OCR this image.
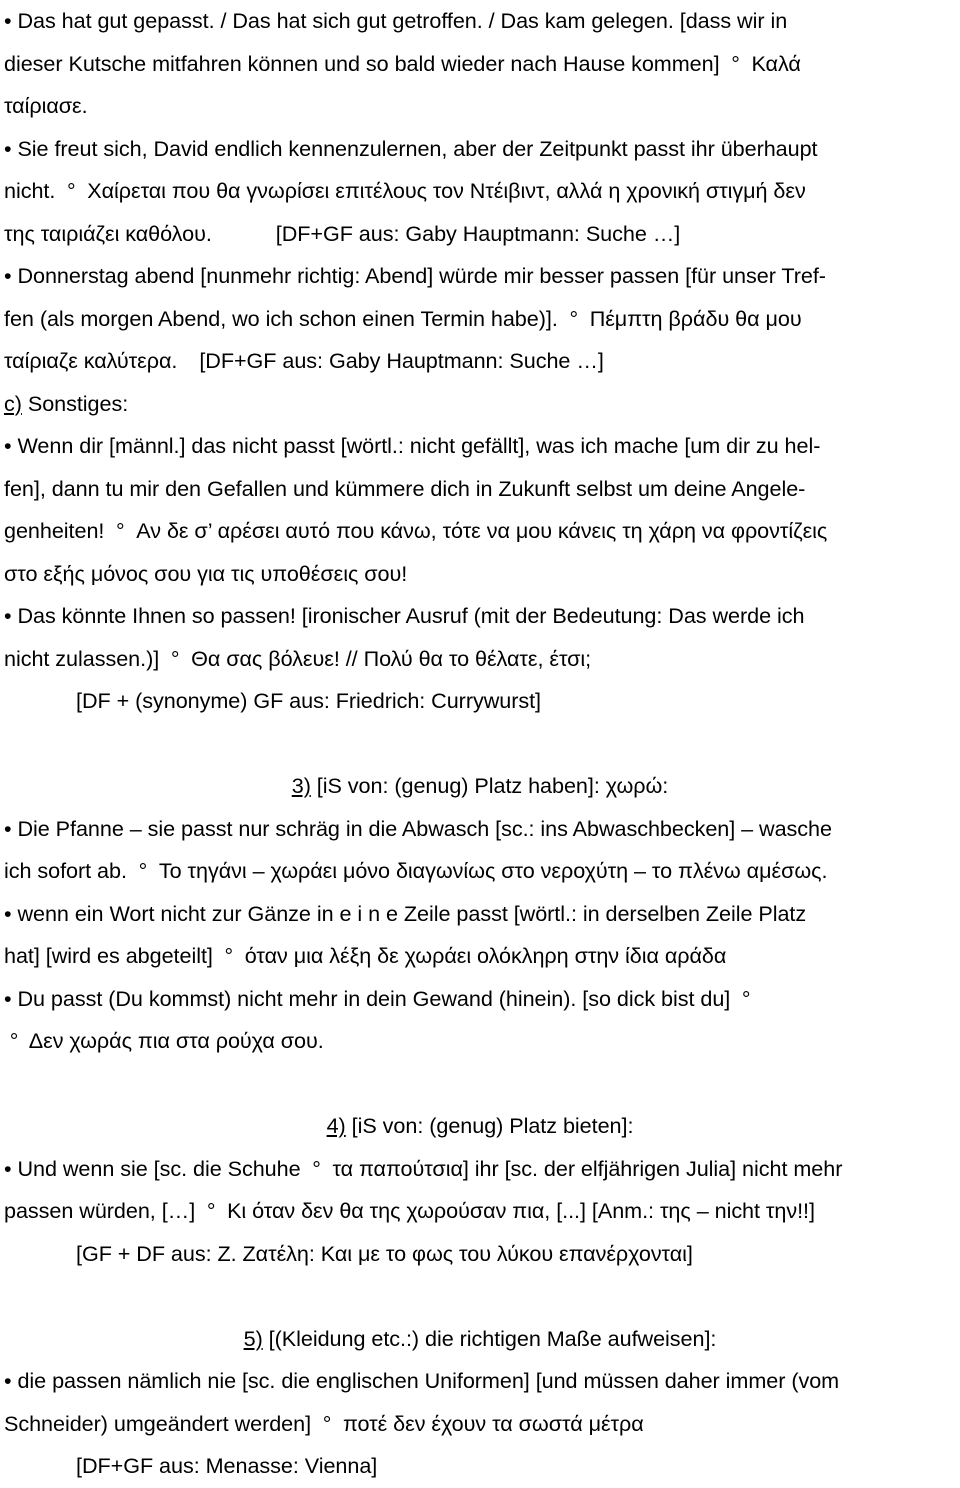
• Das hat gut gepasst. / Das hat sich gut getroffen. / Das kam gelegen. [dass wir in
dieser Kutsche mitfahren können und so bald wieder nach Hause kommen] ° Καλά
ταίριασε.
• Sie freut sich, David endlich kennenzulernen, aber der Zeitpunkt passt ihr überhaupt
nicht. ° Χαίρεται που θα γνωρίσει επιτέλους τον Ντέιβιντ, αλλά η χρονική στιγμή δεν
της ταιριάζει καθόλου.	[DF+GF aus: Gaby Hauptmann: Suche …]
• Donnerstag abend [nunmehr richtig: Abend] würde mir besser passen [für unser Tref-
fen (als morgen Abend, wo ich schon einen Termin habe)]. ° Πέμπτη βράδυ θα μου
ταίριαζε καλύτερα. [DF+GF aus: Gaby Hauptmann: Suche …]
c) Sonstiges:
• Wenn dir [männl.] das nicht passt [wörtl.: nicht gefällt], was ich mache [um dir zu hel-
fen], dann tu mir den Gefallen und kümmere dich in Zukunft selbst um deine Angele-
genheiten! ° Αν δε σ’ αρέσει αυτό που κάνω, τότε να μου κάνεις τη χάρη να φροντίζεις
στο εξής μόνος σου για τις υποθέσεις σου!
• Das könnte Ihnen so passen! [ironischer Ausruf (mit der Bedeutung: Das werde ich
nicht zulassen.)] ° Θα σας βόλευε! // Πολύ θα το θέλατε, έτσι;
[DF + (synonyme) GF aus: Friedrich: Currywurst]
3) [iS von: (genug) Platz haben]: χωρώ:
• Die Pfanne – sie passt nur schräg in die Abwasch [sc.: ins Abwaschbecken] – wasche
ich sofort ab. ° Το τηγάνι – χωράει μόνο διαγωνίως στο νεροχύτη – το πλένω αμέσως.
• wenn ein Wort nicht zur Gänze in e i n e Zeile passt [wörtl.: in derselben Zeile Platz
hat] [wird es abgeteilt] ° όταν μια λέξη δε χωράει ολόκληρη στην ίδια αράδα
• Du passt (Du kommst) nicht mehr in dein Gewand (hinein). [so dick bist du] °
° Δεν χωράς πια στα ρούχα σου.
4) [iS von: (genug) Platz bieten]:
• Und wenn sie [sc. die Schuhe ° τα παπούτσια] ihr [sc. der elfjährigen Julia] nicht mehr
passen würden, […] ° Κι όταν δεν θα της χωρούσαν πια, [...] [Anm.: της – nicht την!!]
[GF + DF aus: Z. Ζατέλη: Και με το φως του λύκου επανέρχονται]
5) [(Kleidung etc.:) die richtigen Maße aufweisen]:
• die passen nämlich nie [sc. die englischen Uniformen] [und müssen daher immer (vom
Schneider) umgeändert werden] ° ποτέ δεν έχουν τα σωστά μέτρα
[DF+GF aus: Menasse: Vienna]
